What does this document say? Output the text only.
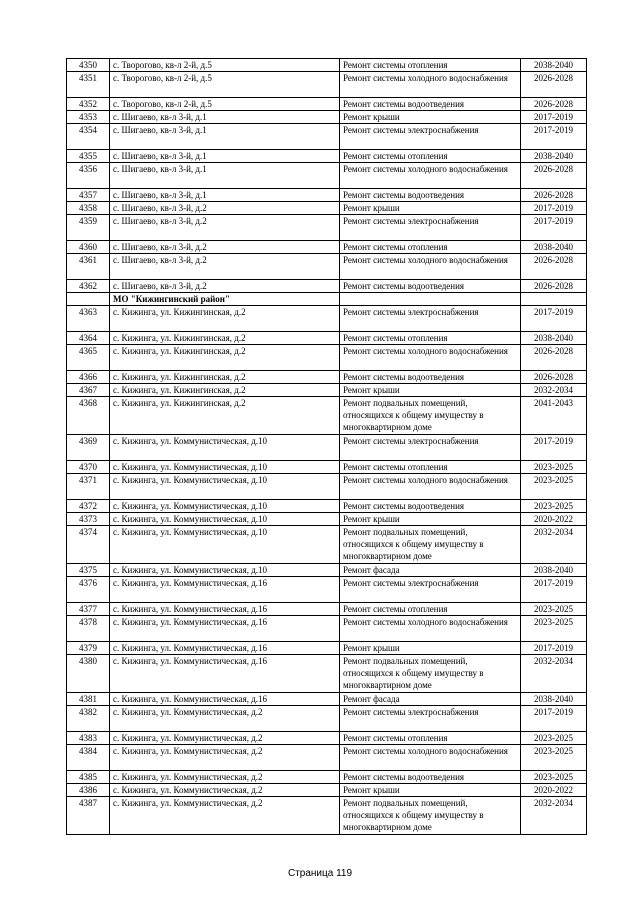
4350	с. Творогово, кв-л 2-й, д.5	Ремонт системы отопления	2038-2040
4351	с. Творогово, кв-л 2-й, д.5	Ремонт системы холодного водоснабжения	2026-2028
4352	с. Творогово, кв-л 2-й, д.5	Ремонт системы водоотведения	2026-2028
4353	с. Шигаево, кв-л 3-й, д.1	Ремонт крыши	2017-2019
4354	с. Шигаево, кв-л 3-й, д.1	Ремонт системы электроснабжения	2017-2019
4355	с. Шигаево, кв-л 3-й, д.1	Ремонт системы отопления	2038-2040
4356	с. Шигаево, кв-л 3-й, д.1	Ремонт системы холодного водоснабжения	2026-2028
4357	с. Шигаево, кв-л 3-й, д.1	Ремонт системы водоотведения	2026-2028
4358	с. Шигаево, кв-л 3-й, д.2	Ремонт крыши	2017-2019
4359	с. Шигаево, кв-л 3-й, д.2	Ремонт системы электроснабжения	2017-2019
4360	с. Шигаево, кв-л 3-й, д.2	Ремонт системы отопления	2038-2040
4361	с. Шигаево, кв-л 3-й, д.2	Ремонт системы холодного водоснабжения	2026-2028
4362	с. Шигаево, кв-л 3-й, д.2	Ремонт системы водоотведения	2026-2028
	МО "Кижингинский район"		
4363	с. Кижинга, ул. Кижингинская, д.2	Ремонт системы электроснабжения	2017-2019
4364	с. Кижинга, ул. Кижингинская, д.2	Ремонт системы отопления	2038-2040
4365	с. Кижинга, ул. Кижингинская, д.2	Ремонт системы холодного водоснабжения	2026-2028
4366	с. Кижинга, ул. Кижингинская, д.2	Ремонт системы водоотведения	2026-2028
4367	с. Кижинга, ул. Кижингинская, д.2	Ремонт крыши	2032-2034
4368	с. Кижинга, ул. Кижингинская, д.2	Ремонт подвальных помещений, относящихся к общему имуществу в многоквартирном доме	2041-2043
4369	с. Кижинга, ул. Коммунистическая, д.10	Ремонт системы электроснабжения	2017-2019
4370	с. Кижинга, ул. Коммунистическая, д.10	Ремонт системы отопления	2023-2025
4371	с. Кижинга, ул. Коммунистическая, д.10	Ремонт системы холодного водоснабжения	2023-2025
4372	с. Кижинга, ул. Коммунистическая, д.10	Ремонт системы водоотведения	2023-2025
4373	с. Кижинга, ул. Коммунистическая, д.10	Ремонт крыши	2020-2022
4374	с. Кижинга, ул. Коммунистическая, д.10	Ремонт подвальных помещений, относящихся к общему имуществу в многоквартирном доме	2032-2034
4375	с. Кижинга, ул. Коммунистическая, д.10	Ремонт фасада	2038-2040
4376	с. Кижинга, ул. Коммунистическая, д.16	Ремонт системы электроснабжения	2017-2019
4377	с. Кижинга, ул. Коммунистическая, д.16	Ремонт системы отопления	2023-2025
4378	с. Кижинга, ул. Коммунистическая, д.16	Ремонт системы холодного водоснабжения	2023-2025
4379	с. Кижинга, ул. Коммунистическая, д.16	Ремонт крыши	2017-2019
4380	с. Кижинга, ул. Коммунистическая, д.16	Ремонт подвальных помещений, относящихся к общему имуществу в многоквартирном доме	2032-2034
4381	с. Кижинга, ул. Коммунистическая, д.16	Ремонт фасада	2038-2040
4382	с. Кижинга, ул. Коммунистическая, д.2	Ремонт системы электроснабжения	2017-2019
4383	с. Кижинга, ул. Коммунистическая, д.2	Ремонт системы отопления	2023-2025
4384	с. Кижинга, ул. Коммунистическая, д.2	Ремонт системы холодного водоснабжения	2023-2025
4385	с. Кижинга, ул. Коммунистическая, д.2	Ремонт системы водоотведения	2023-2025
4386	с. Кижинга, ул. Коммунистическая, д.2	Ремонт крыши	2020-2022
4387	с. Кижинга, ул. Коммунистическая, д.2	Ремонт подвальных помещений, относящихся к общему имуществу в многоквартирном доме	2032-2034
Страница 119
